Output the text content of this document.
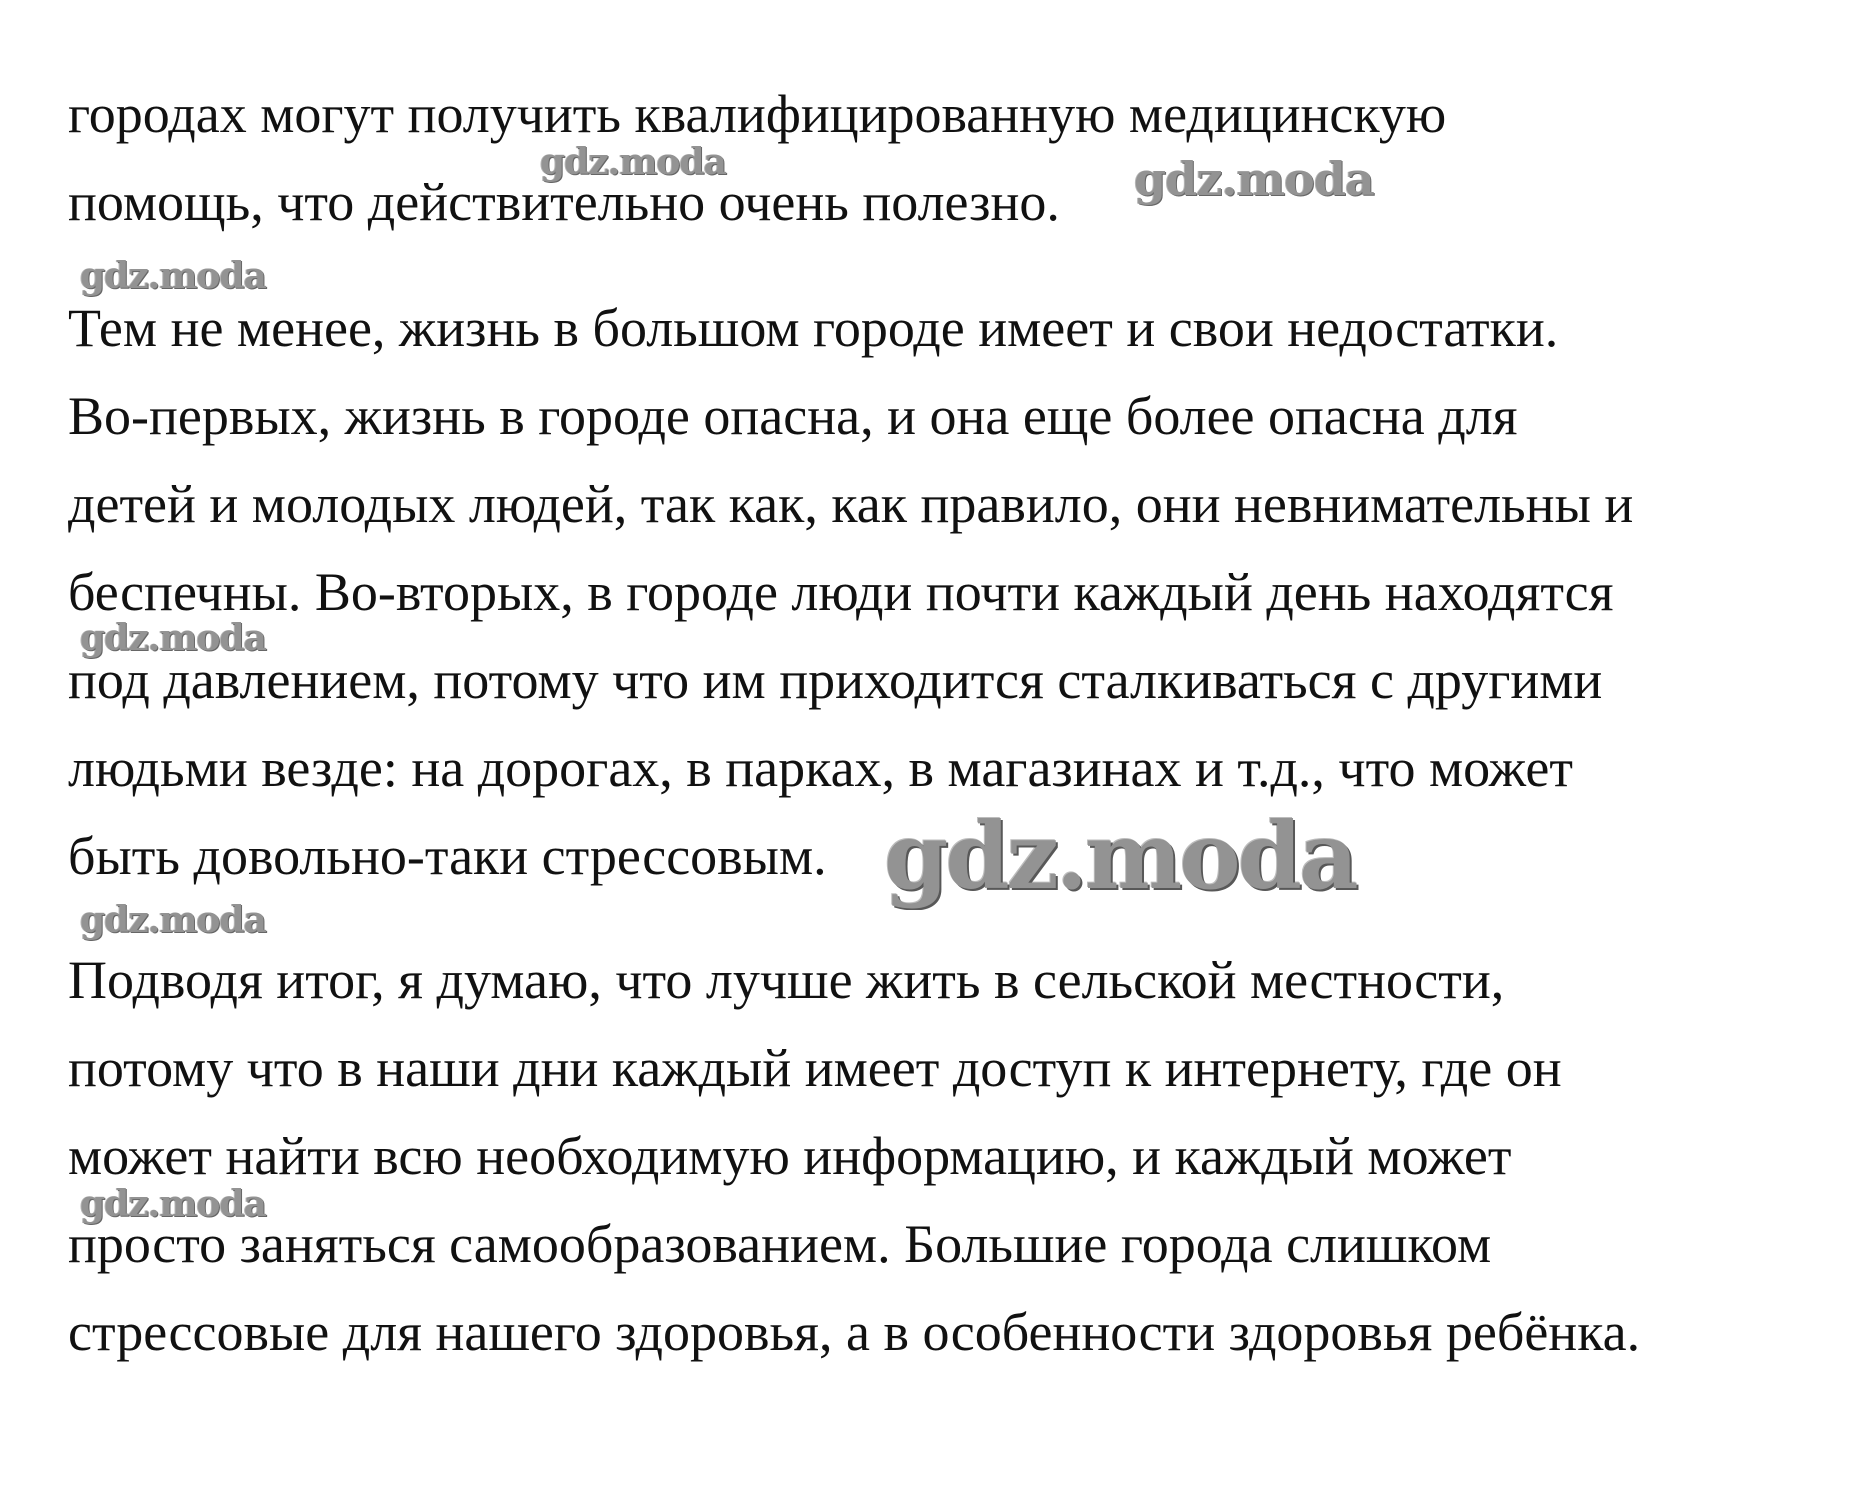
городах могут получить квалифицированную медицинскую
помощь, что действительно очень полезно.
Тем не менее, жизнь в большом городе имеет и свои недостатки.
Во-первых, жизнь в городе опасна, и она еще более опасна для
детей и молодых людей, так как, как правило, они невнимательны и
беспечны. Во-вторых, в городе люди почти каждый день находятся
под давлением, потому что им приходится сталкиваться с другими
людьми везде: на дорогах, в парках, в магазинах и т.д., что может
быть довольно-таки стрессовым.
Подводя итог, я думаю, что лучше жить в сельской местности,
потому что в наши дни каждый имеет доступ к интернету, где он
может найти всю необходимую информацию, и каждый может
просто заняться самообразованием. Большие города слишком
стрессовые для нашего здоровья, а в особенности здоровья ребёнка.
gdz.moda	gdz.moda
gdz.moda
gdz.moda
gdz.moda
gdz.moda
gdz.moda
